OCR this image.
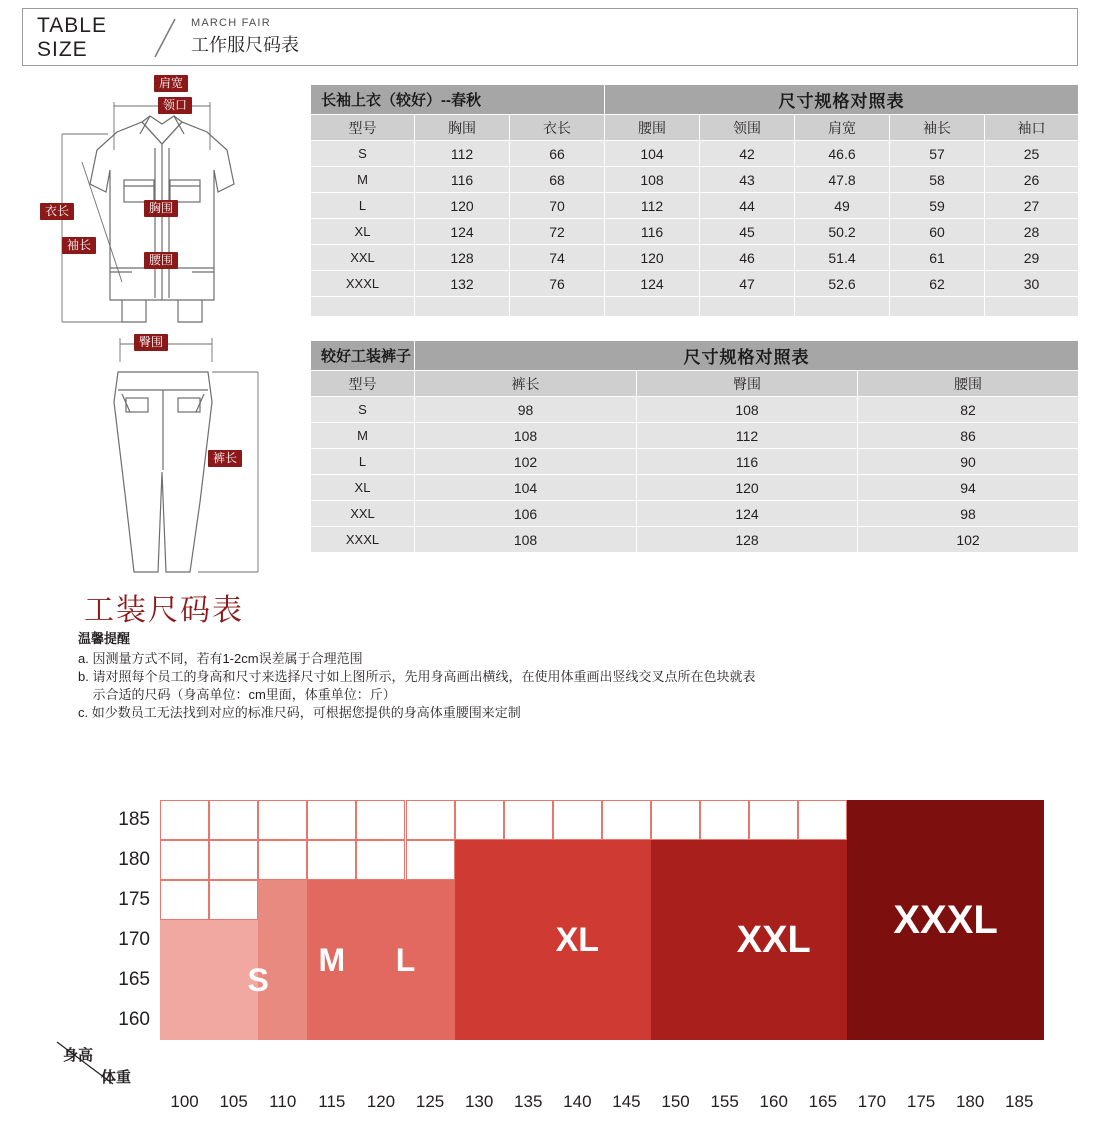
TABLE
SIZE
MARCH FAIR
工作服尺码表
肩宽
领口
胸围
衣长
袖长
腰围
臀围
裤长
长袖上衣（较好）--春秋			尺寸规格对照表				
型号	胸围	衣长	腰围	领围	肩宽	袖长	袖口
S	112	66	104	42	46.6	57	25
M	116	68	108	43	47.8	58	26
L	120	70	112	44	49	59	27
XL	124	72	116	45	50.2	60	28
XXL	128	74	120	46	51.4	61	29
XXXL	132	76	124	47	52.6	62	30

较好工装裤子	尺寸规格对照表		
型号	裤长	臀围	腰围
S	98	108	82
M	108	112	86
L	102	116	90
XL	104	120	94
XXL	106	124	98
XXXL	108	128	102
工装尺码表
温馨提醒
a. 因测量方式不同，若有1-2cm误差属于合理范围
b. 请对照每个员工的身高和尺寸来选择尺寸如上图所示，先用身高画出横线，在使用体重画出竖线交叉点所在色块就表
示合适的尺码（身高单位：cm里面，体重单位：斤）
c. 如少数员工无法找到对应的标准尺码，可根据您提供的身高体重腰围来定制
185
180
175
170
165
160
S
M	L
XL	XXL	XXXL
100	105	110	115	120	125	130	135	140	145	150	155	160	165	170	175	180	185
身高
体重
